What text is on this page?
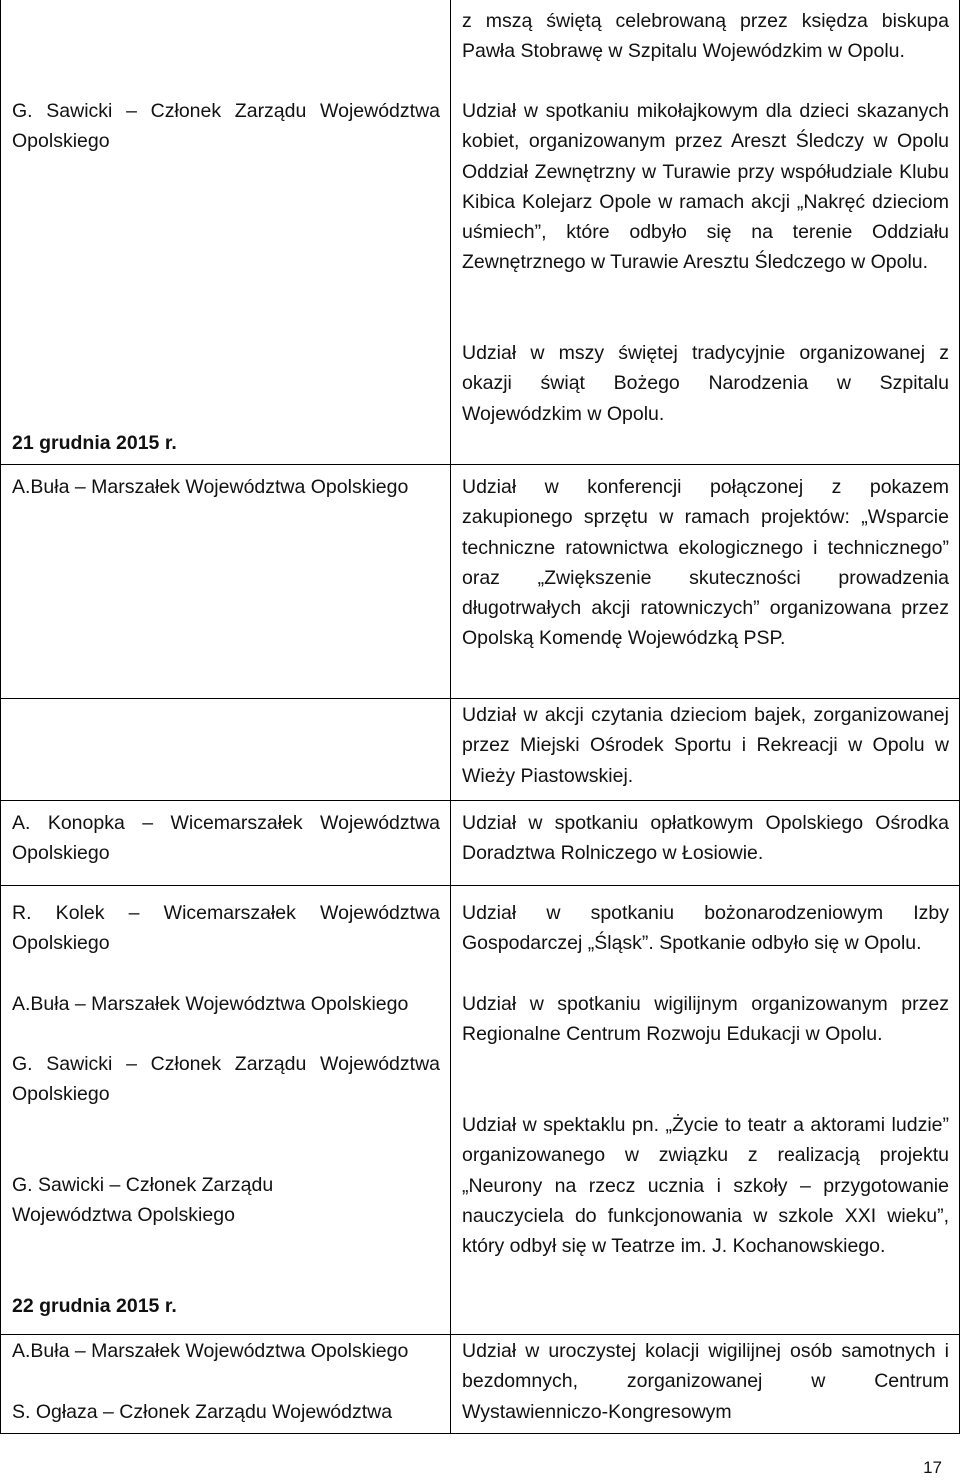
z mszą świętą celebrowaną przez księdza biskupa Pawła Stobrawę w Szpitalu Wojewódzkim w Opolu.
G. Sawicki – Członek Zarządu Województwa Opolskiego
Udział w spotkaniu mikołajkowym dla dzieci skazanych kobiet, organizowanym przez Areszt Śledczy w Opolu Oddział Zewnętrzny w Turawie przy współudziale Klubu Kibica Kolejarz Opole w ramach akcji „Nakręć dzieciom uśmiech”, które odbyło się na terenie Oddziału Zewnętrznego w Turawie Aresztu Śledczego w Opolu.
Udział w mszy świętej tradycyjnie organizowanej z okazji świąt Bożego Narodzenia w Szpitalu Wojewódzkim w Opolu.
21 grudnia 2015 r.
A.Buła – Marszałek Województwa Opolskiego	Udział w konferencji połączonej z pokazem zakupionego sprzętu w ramach projektów: „Wsparcie techniczne ratownictwa ekologicznego i technicznego” oraz „Zwiększenie skuteczności prowadzenia długotrwałych akcji ratowniczych” organizowana przez Opolską Komendę Wojewódzką PSP.
Udział w akcji czytania dzieciom bajek, zorganizowanej przez Miejski Ośrodek Sportu i Rekreacji w Opolu w Wieży Piastowskiej.
A. Konopka – Wicemarszałek Województwa Opolskiego
Udział w spotkaniu opłatkowym Opolskiego Ośrodka Doradztwa Rolniczego w Łosiowie.
R. Kolek – Wicemarszałek Województwa Opolskiego
A.Buła – Marszałek Województwa Opolskiego
G. Sawicki – Członek Zarządu Województwa Opolskiego
Udział w spotkaniu bożonarodzeniowym Izby Gospodarczej „Śląsk”. Spotkanie odbyło się w Opolu.
Udział w spotkaniu wigilijnym organizowanym przez Regionalne Centrum Rozwoju Edukacji w Opolu.
G. Sawicki – Członek Zarządu Województwa Opolskiego
Udział w spektaklu pn. „Życie to teatr a aktorami ludzie” organizowanego w związku z realizacją projektu „Neurony na rzecz ucznia i szkoły – przygotowanie nauczyciela do funkcjonowania w szkole XXI wieku”, który odbył się w Teatrze im. J. Kochanowskiego.
22 grudnia 2015 r.
A.Buła – Marszałek Województwa Opolskiego
S. Ogłaza – Członek Zarządu Województwa
Udział w uroczystej kolacji wigilijnej osób samotnych i bezdomnych, zorganizowanej w Centrum Wystawienniczo-Kongresowym
17
